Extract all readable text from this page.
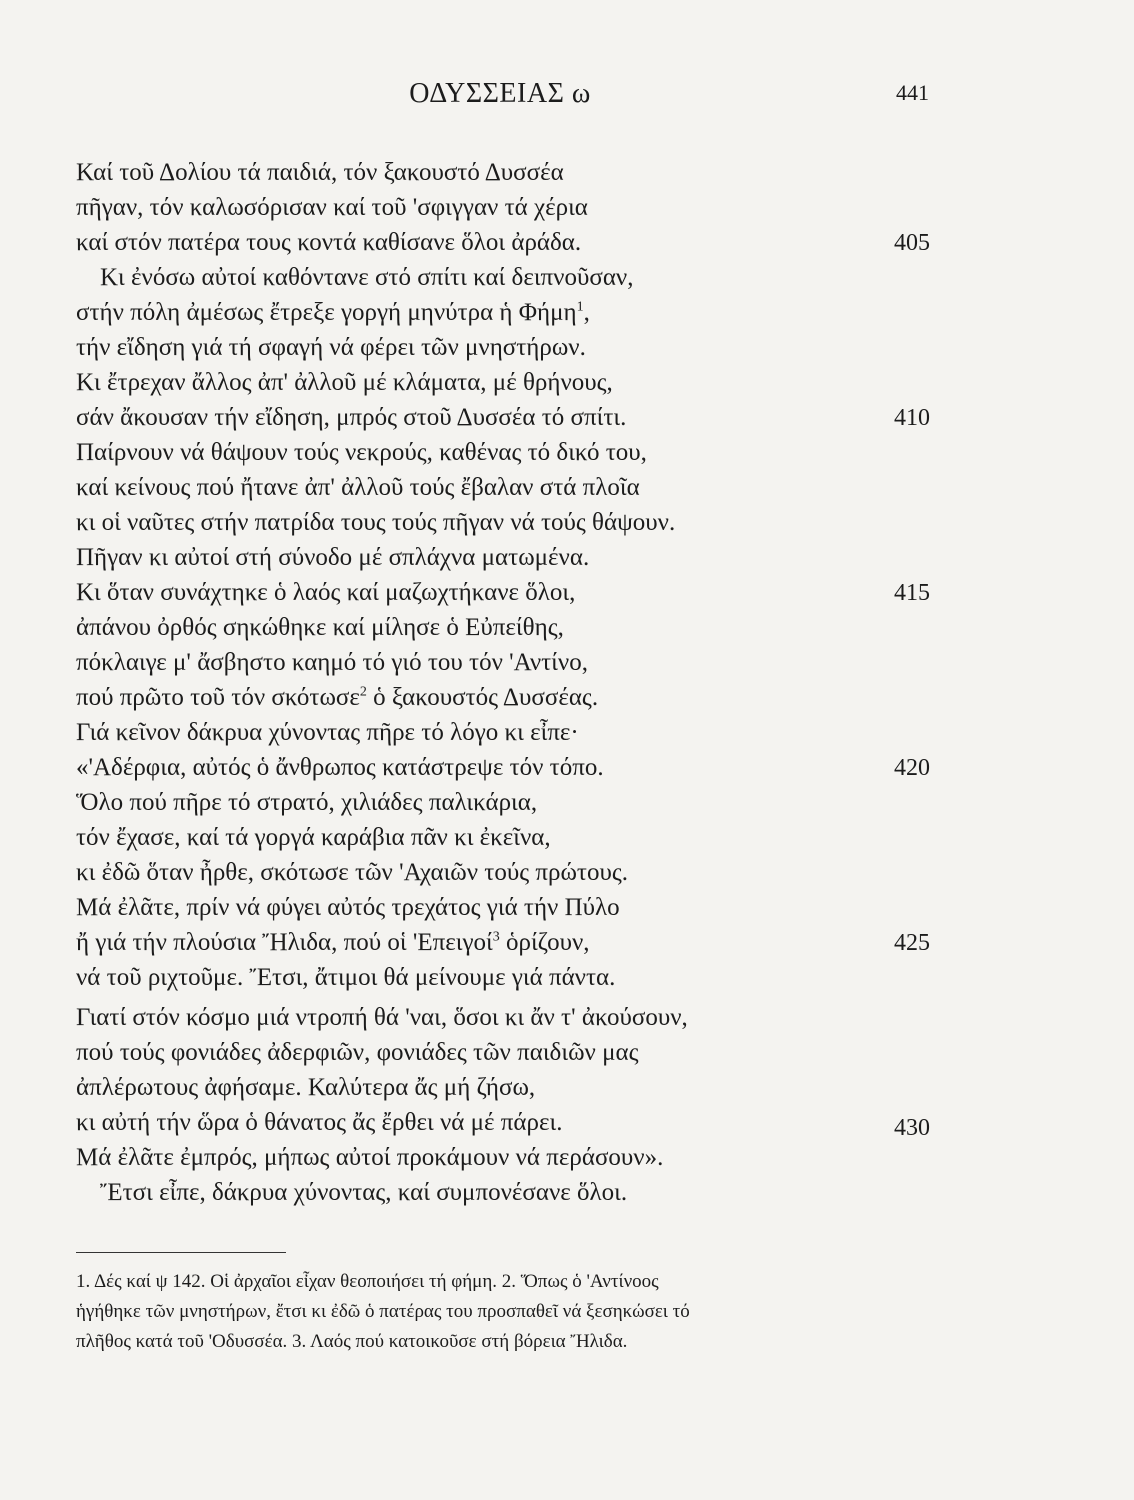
ΟΔΥΣΣΕΙΑΣ ω	441
Καί τοῦ Δολίου τά παιδιά, τόν ξακουστό Δυσσέα
πῆγαν, τόν καλωσόρισαν καί τοῦ 'σφιγγαν τά χέρια
καί στόν πατέρα τους κοντά καθίσανε ὅλοι ἀράδα.
Κι ἐνόσω αὐτοί καθόντανε στό σπίτι καί δειπνοῦσαν,
στήν πόλη ἀμέσως ἔτρεξε γοργή μηνύτρα ἡ Φήμη$^1$,
τήν εἴδηση γιά τή σφαγή νά φέρει τῶν μνηστήρων.
Κι ἔτρεχαν ἄλλος ἀπ' ἀλλοῦ μέ κλάματα, μέ θρήνους,
σάν ἄκουσαν τήν εἴδηση, μπρός στοῦ Δυσσέα τό σπίτι.
Παίρνουν νά θάψουν τούς νεκρούς, καθένας τό δικό του,
καί κείνους πού ἤτανε ἀπ' ἀλλοῦ τούς ἔβαλαν στά πλοῖα
κι οἱ ναῦτες στήν πατρίδα τους τούς πῆγαν νά τούς θάψουν.
Πῆγαν κι αὐτοί στή σύνοδο μέ σπλάχνα ματωμένα.
Κι ὅταν συνάχτηκε ὁ λαός καί μαζωχτήκανε ὅλοι,
ἀπάνου ὀρθός σηκώθηκε καί μίλησε ὁ Εὐπείθης,
πόκλαιγε μ' ἄσβηστο καημό τό γιό του τόν 'Αντίνο,
πού πρῶτο τοῦ τόν σκότωσε$^2$ ὁ ξακουστός Δυσσέας.
Γιά κεῖνον δάκρυα χύνοντας πῆρε τό λόγο κι εἶπε·
«'Αδέρφια, αὐτός ὁ ἄνθρωπος κατάστρεψε τόν τόπο.
Ὅλο πού πῆρε τό στρατό, χιλιάδες παλικάρια,
τόν ἔχασε, καί τά γοργά καράβια πᾶν κι ἐκεῖνα,
κι ἐδῶ ὅταν ἦρθε, σκότωσε τῶν 'Αχαιῶν τούς πρώτους.
Μά ἐλᾶτε, πρίν νά φύγει αὐτός τρεχάτος γιά τήν Πύλο
ἤ γιά τήν πλούσια Ἤλιδα, πού οἱ 'Επειγοί$^3$ ὁρίζουν,
νά τοῦ ριχτοῦμε. Ἔτσι, ἄτιμοι θά μείνουμε γιά πάντα.
Γιατί στόν κόσμο μιά ντροπή θά 'ναι, ὅσοι κι ἄν τ' ἀκούσουν,
πού τούς φονιάδες ἀδερφιῶν, φονιάδες τῶν παιδιῶν μας
ἀπλέρωτους ἀφήσαμε. Καλύτερα ἄς μή ζήσω,
κι αὐτή τήν ὥρα ὁ θάνατος ἄς ἔρθει νά μέ πάρει.
Μά ἐλᾶτε ἐμπρός, μήπως αὐτοί προκάμουν νά περάσουν».
Ἔτσι εἶπε, δάκρυα χύνοντας, καί συμπονέσανε ὅλοι.
405
410
415
420
425
430
1. Δές καί ψ 142. Οἱ ἀρχαῖοι εἶχαν θεοποιήσει τή φήμη. 2. Ὅπως ὁ 'Αντίνοος
ἡγήθηκε τῶν μνηστήρων, ἔτσι κι ἐδῶ ὁ πατέρας του προσπαθεῖ νά ξεσηκώσει τό
πλῆθος κατά τοῦ 'Οδυσσέα. 3. Λαός πού κατοικοῦσε στή βόρεια Ἤλιδα.
